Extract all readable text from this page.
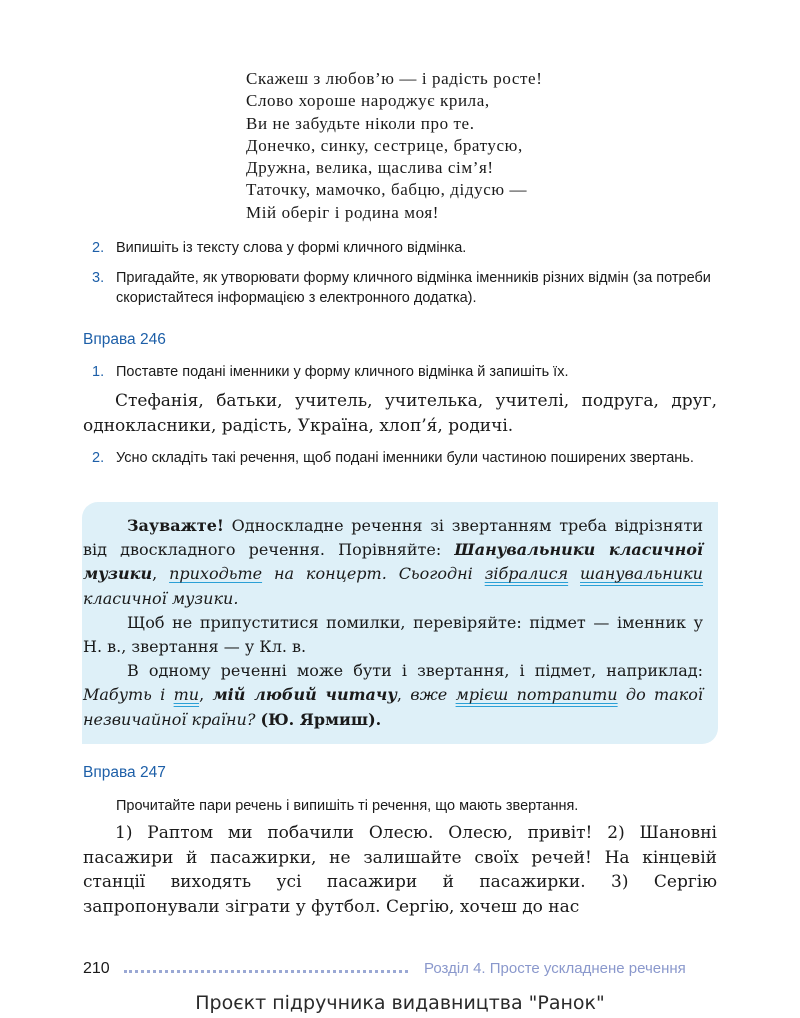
Скажеш з любов’ю — і радість росте!
Слово хороше народжує крила,
Ви не забудьте ніколи про те.
Донечко, синку, сестрице, братусю,
Дружна, велика, щаслива сім’я!
Таточку, мамочко, бабцю, дідусю —
Мій оберіг і родина моя!
2. Випишіть із тексту слова у формі кличного відмінка.
3. Пригадайте, як утворювати форму кличного відмінка іменників різних відмін (за потреби скористайтеся інформацією з електронного додатка).
Вправа 246
1. Поставте подані іменники у форму кличного відмінка й запишіть їх.
Стефанія, батьки, учитель, учителька, учителі, подруга, друг, однокласники, радість, Україна, хлоп’я́, родичі.
2. Усно складіть такі речення, щоб подані іменники були частиною поширених звертань.

Зауважте! Односкладне речення зі звертанням треба відрізняти від двоскладного речення. Порівняйте: Шанувальники класичної музики, приходьте на концерт. Сьогодні зібралися шанувальники класичної музики.

Щоб не припуститися помилки, перевіряйте: підмет — іменник у Н. в., звертання — у Кл. в.

В одному реченні може бути і звертання, і підмет, наприклад: Мабуть і ти, мій любий читачу, вже мрієш потрапити до такої незвичайної країни? (Ю. Ярмиш).

Вправа 247
Прочитайте пари речень і випишіть ті речення, що мають звертання.
1) Раптом ми побачили Олесю. Олесю, привіт! 2) Шановні пасажири й пасажирки, не залишайте своїх речей! На кінцевій станції виходять усі пасажири й пасажирки. 3) Сергію запропонували зіграти у футбол. Сергію, хочеш до нас
210	Розділ 4. Просте ускладнене речення
Проєкт підручника видавництва "Ранок"
